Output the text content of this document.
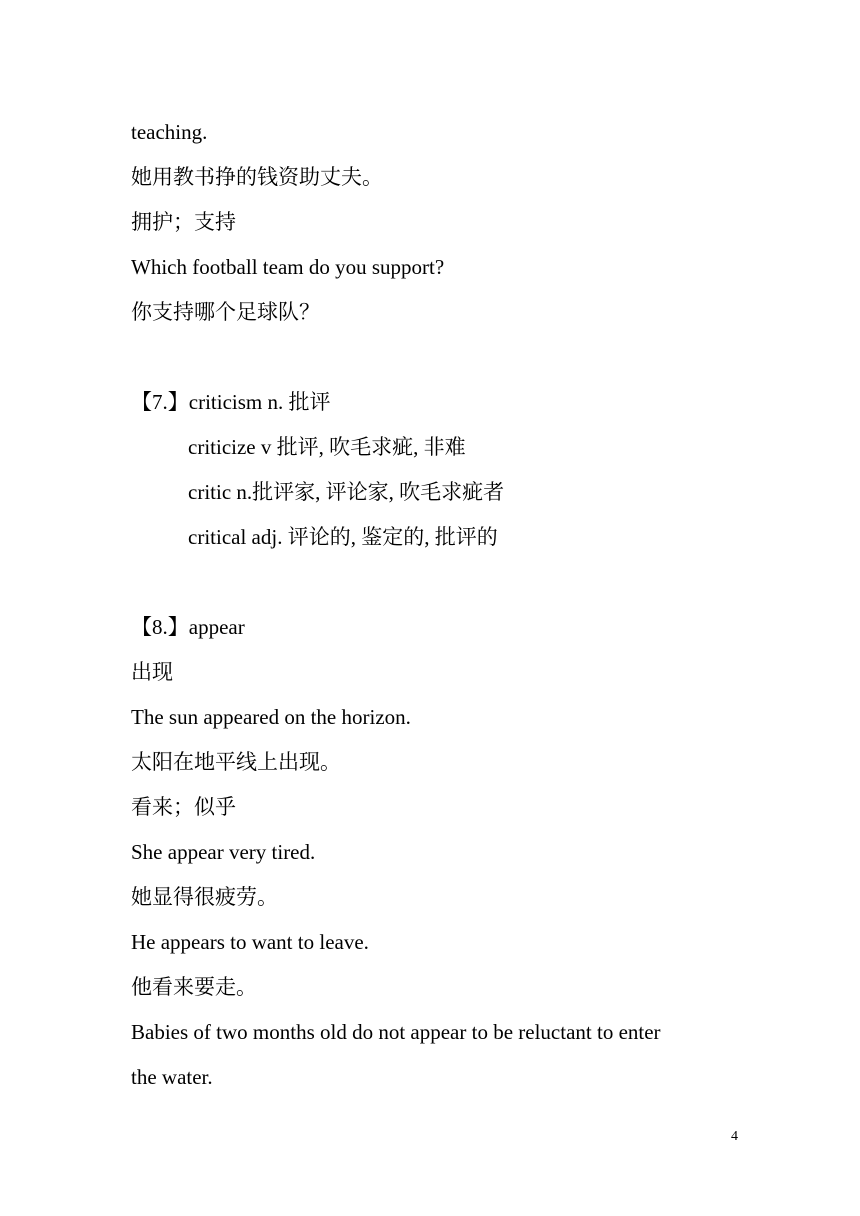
teaching.
她用教书挣的钱资助丈夫。
拥护；支持
Which football team do you support?
你支持哪个足球队？
【7.】criticism n. 批评
criticize v 批评, 吹毛求疵, 非难
critic n.批评家, 评论家, 吹毛求疵者
critical adj. 评论的, 鉴定的, 批评的
【8.】appear
出现
The sun appeared on the horizon.
太阳在地平线上出现。
看来；似乎
She appear very tired.
她显得很疲劳。
He appears to want to leave.
他看来要走。
Babies of two months old do not appear to be reluctant to enter
the water.
4
